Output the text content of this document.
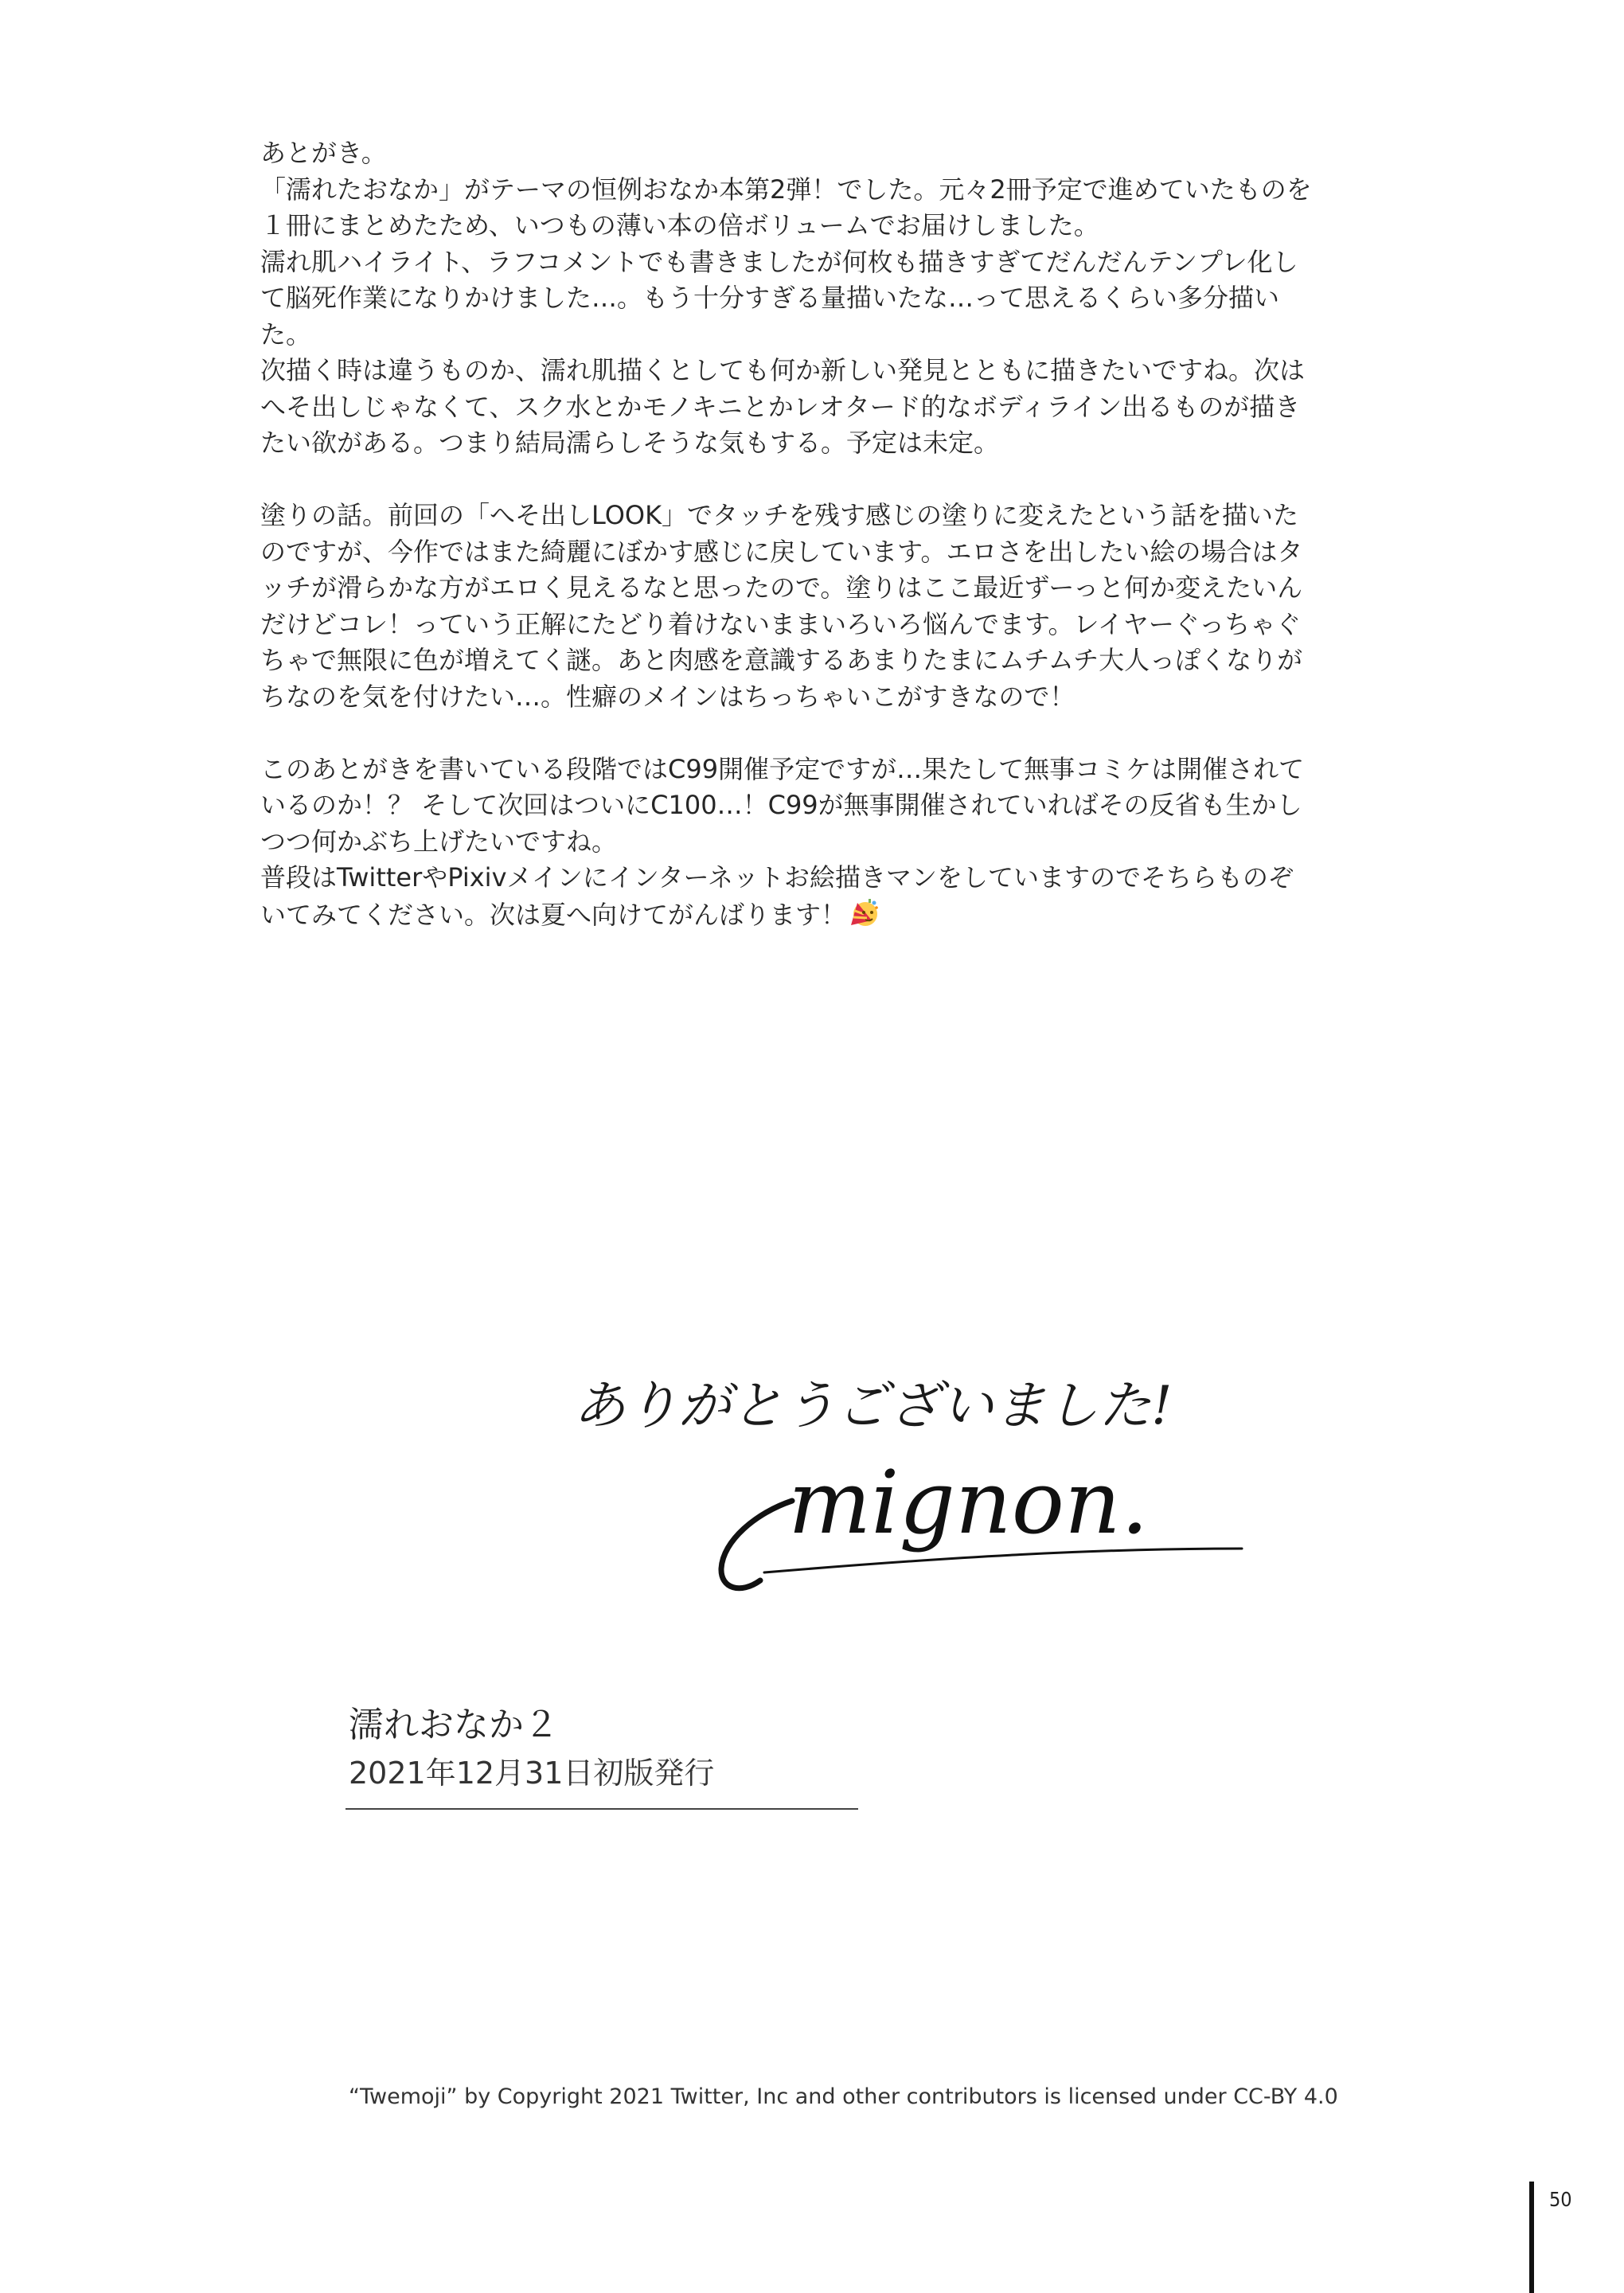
あとがき。
「濡れたおなか」がテーマの恒例おなか本第2弾！でした。元々2冊予定で進めていたものを
１冊にまとめたため、いつもの薄い本の倍ボリュームでお届けしました。
濡れ肌ハイライト、ラフコメントでも書きましたが何枚も描きすぎてだんだんテンプレ化し
て脳死作業になりかけました…。もう十分すぎる量描いたな…って思えるくらい多分描い
た。
次描く時は違うものか、濡れ肌描くとしても何か新しい発見とともに描きたいですね。次は
へそ出しじゃなくて、スク水とかモノキニとかレオタード的なボディライン出るものが描き
たい欲がある。つまり結局濡らしそうな気もする。予定は未定。

塗りの話。前回の「へそ出しLOOK」でタッチを残す感じの塗りに変えたという話を描いた
のですが、今作ではまた綺麗にぼかす感じに戻しています。エロさを出したい絵の場合はタ
ッチが滑らかな方がエロく見えるなと思ったので。塗りはここ最近ずーっと何か変えたいん
だけどコレ！っていう正解にたどり着けないままいろいろ悩んでます。レイヤーぐっちゃぐ
ちゃで無限に色が増えてく謎。あと肉感を意識するあまりたまにムチムチ大人っぽくなりが
ちなのを気を付けたい…。性癖のメインはちっちゃいこがすきなので！

このあとがきを書いている段階ではC99開催予定ですが…果たして無事コミケは開催されて
いるのか！？ そして次回はついにC100…！C99が無事開催されていればその反省も生かし
つつ何かぶち上げたいですね。
普段はTwitterやPixivメインにインターネットお絵描きマンをしていますのでそちらものぞ
いてみてください。次は夏へ向けてがんばります！

ありがとうございました!
mignon.
濡れおなか２
2021年12月31日初版発行
“Twemoji” by Copyright 2021 Twitter, Inc and other contributors is licensed under CC-BY 4.0
50
